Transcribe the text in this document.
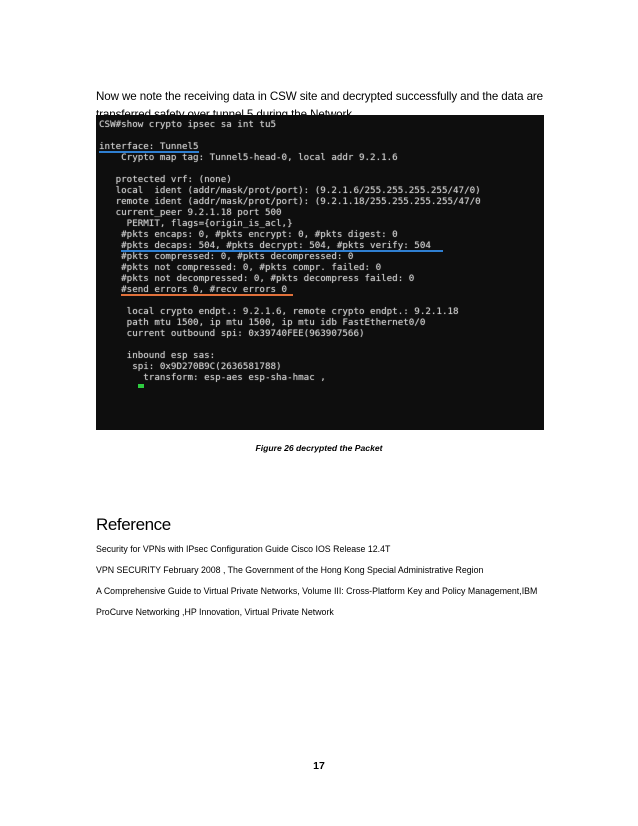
Now we note the receiving data in CSW site and decrypted successfully and the data are

CSW#show crypto ipsec sa int tu5
interface: Tunnel5
Crypto map tag: Tunnel5-head-0, local addr 9.2.1.6
protected vrf: (none)
local  ident (addr/mask/prot/port): (9.2.1.6/255.255.255.255/47/0)
remote ident (addr/mask/prot/port): (9.2.1.18/255.255.255.255/47/0
current_peer 9.2.1.18 port 500
PERMIT, flags={origin_is_acl,}
#pkts encaps: 0, #pkts encrypt: 0, #pkts digest: 0
#pkts decaps: 504, #pkts decrypt: 504, #pkts verify: 504
#pkts compressed: 0, #pkts decompressed: 0
#pkts not compressed: 0, #pkts compr. failed: 0
#pkts not decompressed: 0, #pkts decompress failed: 0
#send errors 0, #recv errors 0
local crypto endpt.: 9.2.1.6, remote crypto endpt.: 9.2.1.18
path mtu 1500, ip mtu 1500, ip mtu idb FastEthernet0/0
current outbound spi: 0x39740FEE(963907566)
inbound esp sas:
spi: 0x9D270B9C(2636581788)
transform: esp-aes esp-sha-hmac ,
Figure 26 decrypted the Packet
Reference
Security for VPNs with IPsec Configuration Guide Cisco IOS Release 12.4T
VPN SECURITY February 2008 , The Government of the Hong Kong Special Administrative Region
A Comprehensive Guide to Virtual Private Networks, Volume III: Cross-Platform Key and Policy Management,IBM
ProCurve Networking ,HP Innovation, Virtual Private Network
17
